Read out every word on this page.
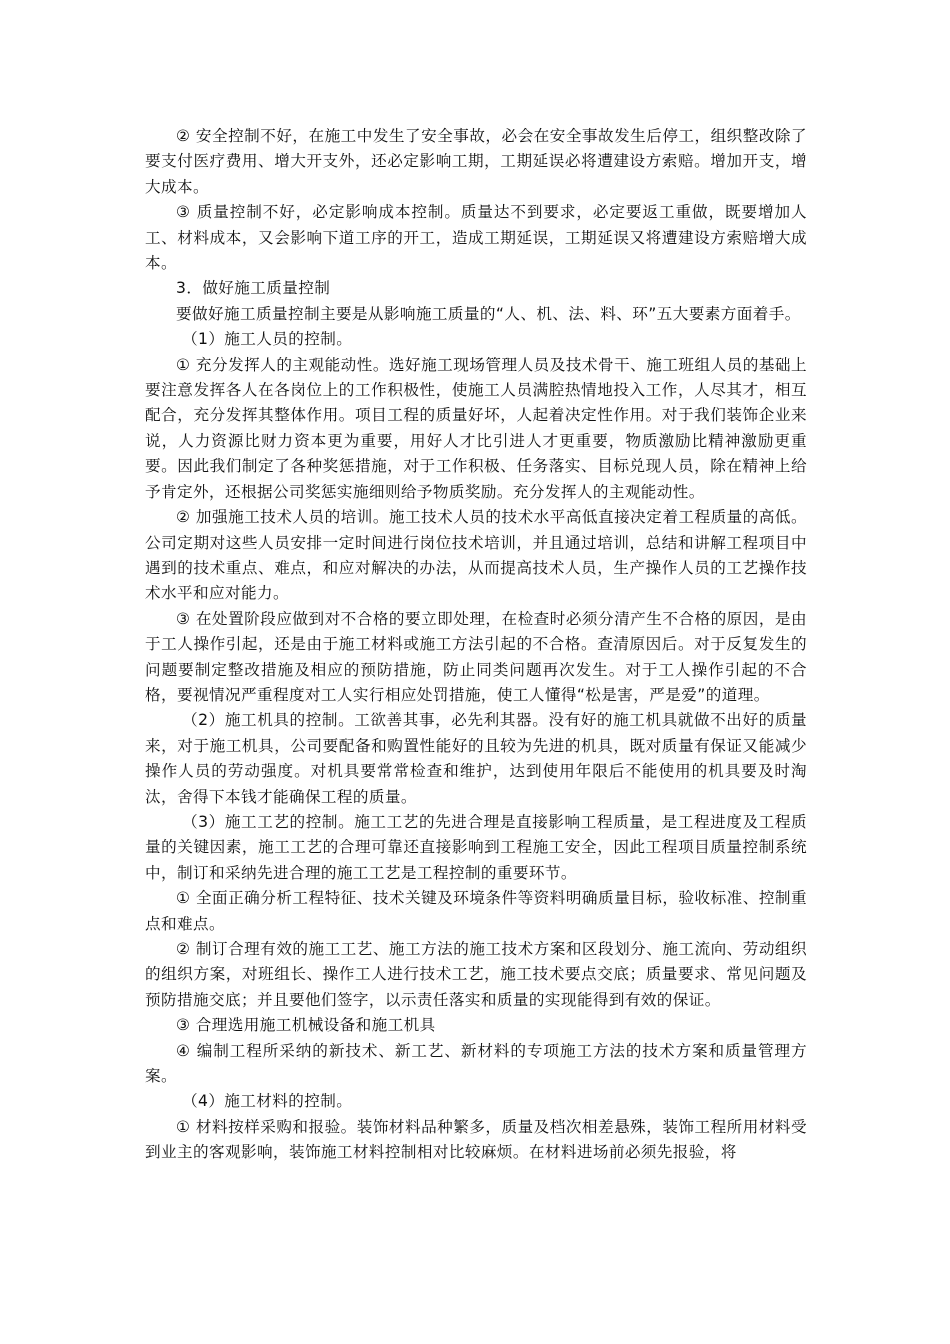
② 安全控制不好，在施工中发生了安全事故，必会在安全事故发生后停工，组织整改除了要支付医疗费用、增大开支外，还必定影响工期，工期延误必将遭建设方索赔。增加开支，增大成本。

③ 质量控制不好，必定影响成本控制。质量达不到要求，必定要返工重做，既要增加人工、材料成本，又会影响下道工序的开工，造成工期延误，工期延误又将遭建设方索赔增大成本。

3．做好施工质量控制

要做好施工质量控制主要是从影响施工质量的“人、机、法、料、环”五大要素方面着手。

（1）施工人员的控制。

① 充分发挥人的主观能动性。选好施工现场管理人员及技术骨干、施工班组人员的基础上要注意发挥各人在各岗位上的工作积极性，使施工人员满腔热情地投入工作，人尽其才，相互配合，充分发挥其整体作用。项目工程的质量好坏，人起着决定性作用。对于我们装饰企业来说，人力资源比财力资本更为重要，用好人才比引进人才更重要，物质激励比精神激励更重要。因此我们制定了各种奖惩措施，对于工作积极、任务落实、目标兑现人员，除在精神上给予肯定外，还根据公司奖惩实施细则给予物质奖励。充分发挥人的主观能动性。

② 加强施工技术人员的培训。施工技术人员的技术水平高低直接决定着工程质量的高低。公司定期对这些人员安排一定时间进行岗位技术培训，并且通过培训，总结和讲解工程项目中遇到的技术重点、难点，和应对解决的办法，从而提高技术人员，生产操作人员的工艺操作技术水平和应对能力。

③ 在处置阶段应做到对不合格的要立即处理，在检查时必须分清产生不合格的原因，是由于工人操作引起，还是由于施工材料或施工方法引起的不合格。查清原因后。对于反复发生的问题要制定整改措施及相应的预防措施，防止同类问题再次发生。对于工人操作引起的不合格，要视情况严重程度对工人实行相应处罚措施，使工人懂得“松是害，严是爱”的道理。

（2）施工机具的控制。工欲善其事，必先利其器。没有好的施工机具就做不出好的质量来，对于施工机具，公司要配备和购置性能好的且较为先进的机具，既对质量有保证又能减少操作人员的劳动强度。对机具要常常检查和维护，达到使用年限后不能使用的机具要及时淘汰，舍得下本钱才能确保工程的质量。

（3）施工工艺的控制。施工工艺的先进合理是直接影响工程质量，是工程进度及工程质量的关键因素，施工工艺的合理可靠还直接影响到工程施工安全，因此工程项目质量控制系统中，制订和采纳先进合理的施工工艺是工程控制的重要环节。

① 全面正确分析工程特征、技术关键及环境条件等资料明确质量目标，验收标准、控制重点和难点。

② 制订合理有效的施工工艺、施工方法的施工技术方案和区段划分、施工流向、劳动组织的组织方案，对班组长、操作工人进行技术工艺，施工技术要点交底；质量要求、常见问题及预防措施交底；并且要他们签字，以示责任落实和质量的实现能得到有效的保证。

③ 合理选用施工机械设备和施工机具

④ 编制工程所采纳的新技术、新工艺、新材料的专项施工方法的技术方案和质量管理方案。

（4）施工材料的控制。

① 材料按样采购和报验。装饰材料品种繁多，质量及档次相差悬殊，装饰工程所用材料受到业主的客观影响，装饰施工材料控制相对比较麻烦。在材料进场前必须先报验，将
